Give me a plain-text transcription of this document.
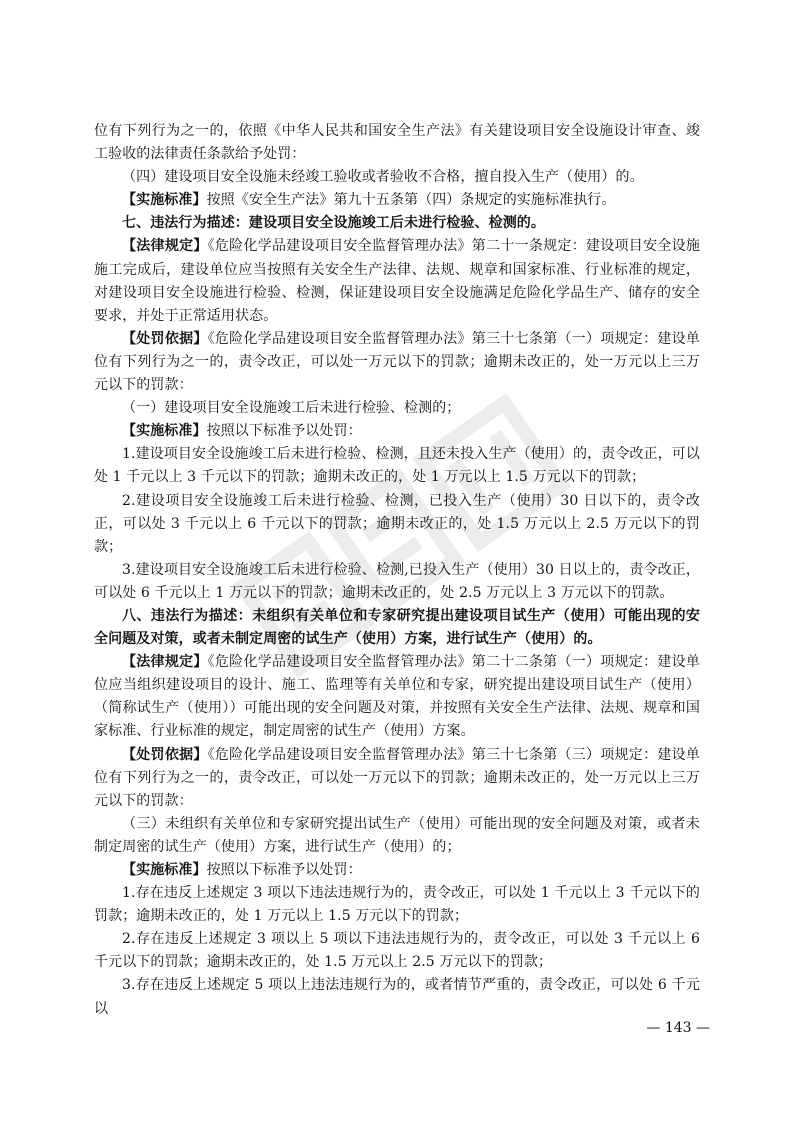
位有下列行为之一的，依照《中华人民共和国安全生产法》有关建设项目安全设施设计审查、竣工验收的法律责任条款给予处罚：

（四）建设项目安全设施未经竣工验收或者验收不合格，擅自投入生产（使用）的。

【实施标准】按照《安全生产法》第九十五条第（四）条规定的实施标准执行。

七、违法行为描述：建设项目安全设施竣工后未进行检验、检测的。

【法律规定】《危险化学品建设项目安全监督管理办法》第二十一条规定：建设项目安全设施施工完成后，建设单位应当按照有关安全生产法律、法规、规章和国家标准、行业标准的规定，对建设项目安全设施进行检验、检测，保证建设项目安全设施满足危险化学品生产、储存的安全要求，并处于正常适用状态。

【处罚依据】《危险化学品建设项目安全监督管理办法》第三十七条第（一）项规定：建设单位有下列行为之一的，责令改正，可以处一万元以下的罚款；逾期未改正的，处一万元以上三万元以下的罚款：

（一）建设项目安全设施竣工后未进行检验、检测的；

【实施标准】按照以下标准予以处罚：

1.建设项目安全设施竣工后未进行检验、检测，且还未投入生产（使用）的，责令改正，可以处 1 千元以上 3 千元以下的罚款；逾期未改正的，处 1 万元以上 1.5 万元以下的罚款；

2.建设项目安全设施竣工后未进行检验、检测，已投入生产（使用）30 日以下的，责令改正，可以处 3 千元以上 6 千元以下的罚款；逾期未改正的，处 1.5 万元以上 2.5 万元以下的罚款；

3.建设项目安全设施竣工后未进行检验、检测,已投入生产（使用）30 日以上的，责令改正，可以处 6 千元以上 1 万元以下的罚款；逾期未改正的，处 2.5 万元以上 3 万元以下的罚款。

八、违法行为描述：未组织有关单位和专家研究提出建设项目试生产（使用）可能出现的安全问题及对策，或者未制定周密的试生产（使用）方案，进行试生产（使用）的。

【法律规定】《危险化学品建设项目安全监督管理办法》第二十二条第（一）项规定：建设单位应当组织建设项目的设计、施工、监理等有关单位和专家，研究提出建设项目试生产（使用）（简称试生产（使用））可能出现的安全问题及对策，并按照有关安全生产法律、法规、规章和国家标准、行业标准的规定，制定周密的试生产（使用）方案。

【处罚依据】《危险化学品建设项目安全监督管理办法》第三十七条第（三）项规定：建设单位有下列行为之一的，责令改正，可以处一万元以下的罚款；逾期未改正的，处一万元以上三万元以下的罚款：

（三）未组织有关单位和专家研究提出试生产（使用）可能出现的安全问题及对策，或者未制定周密的试生产（使用）方案，进行试生产（使用）的；

【实施标准】按照以下标准予以处罚：

1.存在违反上述规定 3 项以下违法违规行为的，责令改正，可以处 1 千元以上 3 千元以下的罚款；逾期未改正的，处 1 万元以上 1.5 万元以下的罚款；

2.存在违反上述规定 3 项以上 5 项以下违法违规行为的，责令改正，可以处 3 千元以上 6 千元以下的罚款；逾期未改正的，处 1.5 万元以上 2.5 万元以下的罚款；

3.存在违反上述规定 5 项以上违法违规行为的，或者情节严重的，责令改正，可以处 6 千元以

— 143 —
